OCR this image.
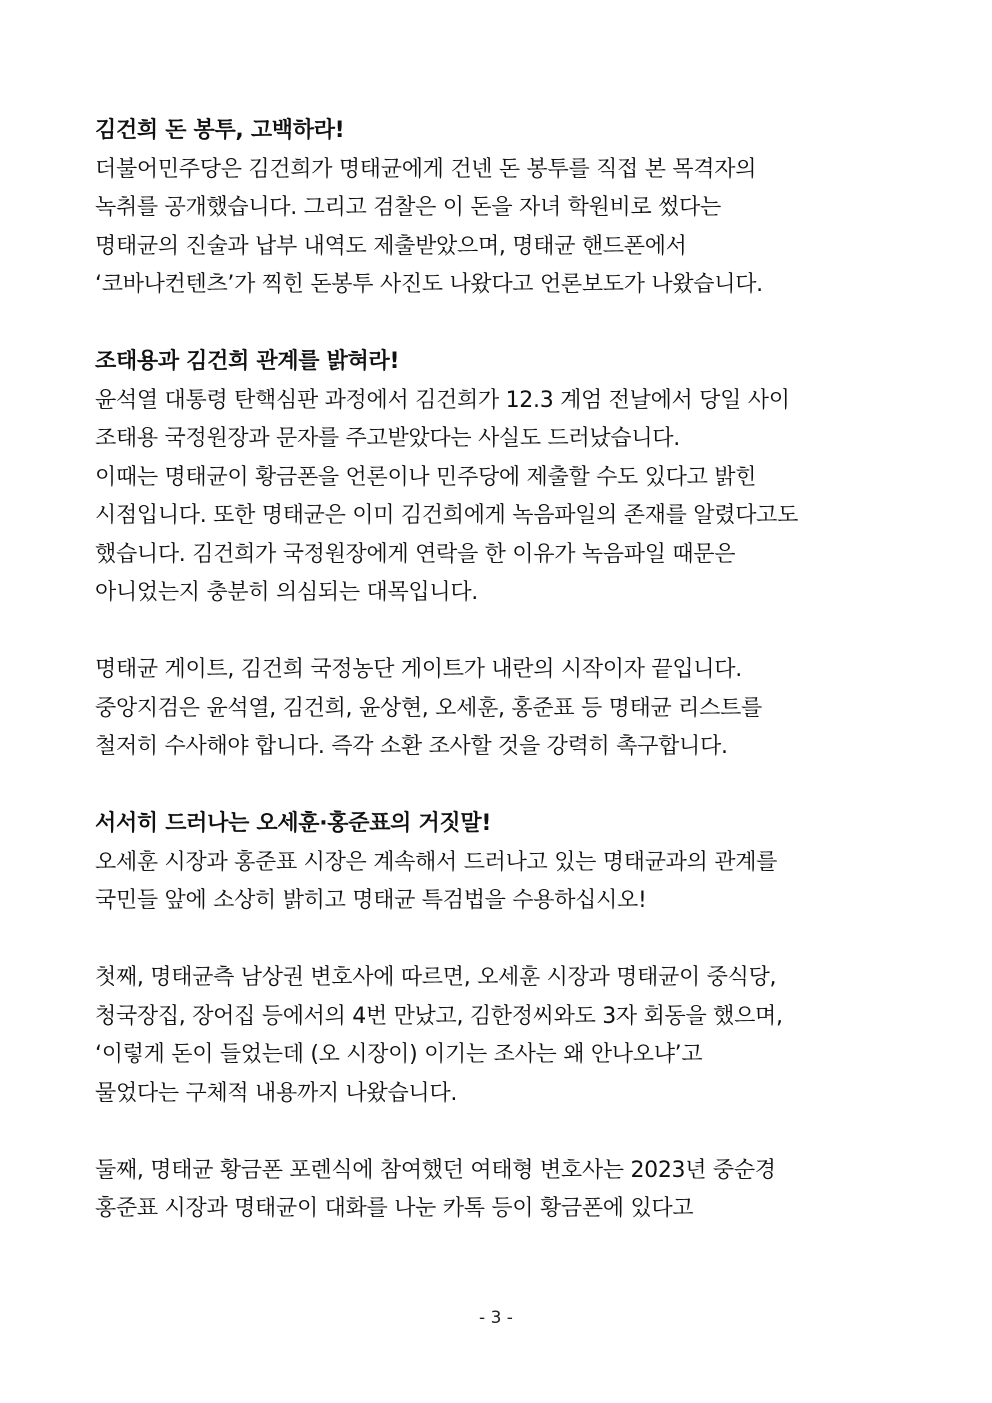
김건희 돈 봉투, 고백하라!
더불어민주당은 김건희가 명태균에게 건넨 돈 봉투를 직접 본 목격자의
녹취를 공개했습니다. 그리고 검찰은 이 돈을 자녀 학원비로 썼다는
명태균의 진술과 납부 내역도 제출받았으며, 명태균 핸드폰에서
‘코바나컨텐츠’가 찍힌 돈봉투 사진도 나왔다고 언론보도가 나왔습니다.
조태용과 김건희 관계를 밝혀라!
윤석열 대통령 탄핵심판 과정에서 김건희가 12.3 계엄 전날에서 당일 사이
조태용 국정원장과 문자를 주고받았다는 사실도 드러났습니다.
이때는 명태균이 황금폰을 언론이나 민주당에 제출할 수도 있다고 밝힌
시점입니다. 또한 명태균은 이미 김건희에게 녹음파일의 존재를 알렸다고도
했습니다. 김건희가 국정원장에게 연락을 한 이유가 녹음파일 때문은
아니었는지 충분히 의심되는 대목입니다.
명태균 게이트, 김건희 국정농단 게이트가 내란의 시작이자 끝입니다.
중앙지검은 윤석열, 김건희, 윤상현, 오세훈, 홍준표 등 명태균 리스트를
철저히 수사해야 합니다. 즉각 소환 조사할 것을 강력히 촉구합니다.
서서히 드러나는 오세훈·홍준표의 거짓말!
오세훈 시장과 홍준표 시장은 계속해서 드러나고 있는 명태균과의 관계를
국민들 앞에 소상히 밝히고 명태균 특검법을 수용하십시오!
첫째, 명태균측 남상권 변호사에 따르면, 오세훈 시장과 명태균이 중식당,
청국장집, 장어집 등에서의 4번 만났고, 김한정씨와도 3자 회동을 했으며,
‘이렇게 돈이 들었는데 (오 시장이) 이기는 조사는 왜 안나오냐’고
물었다는 구체적 내용까지 나왔습니다.
둘째, 명태균 황금폰 포렌식에 참여했던 여태형 변호사는 2023년 중순경
홍준표 시장과 명태균이 대화를 나눈 카톡 등이 황금폰에 있다고
- 3 -
